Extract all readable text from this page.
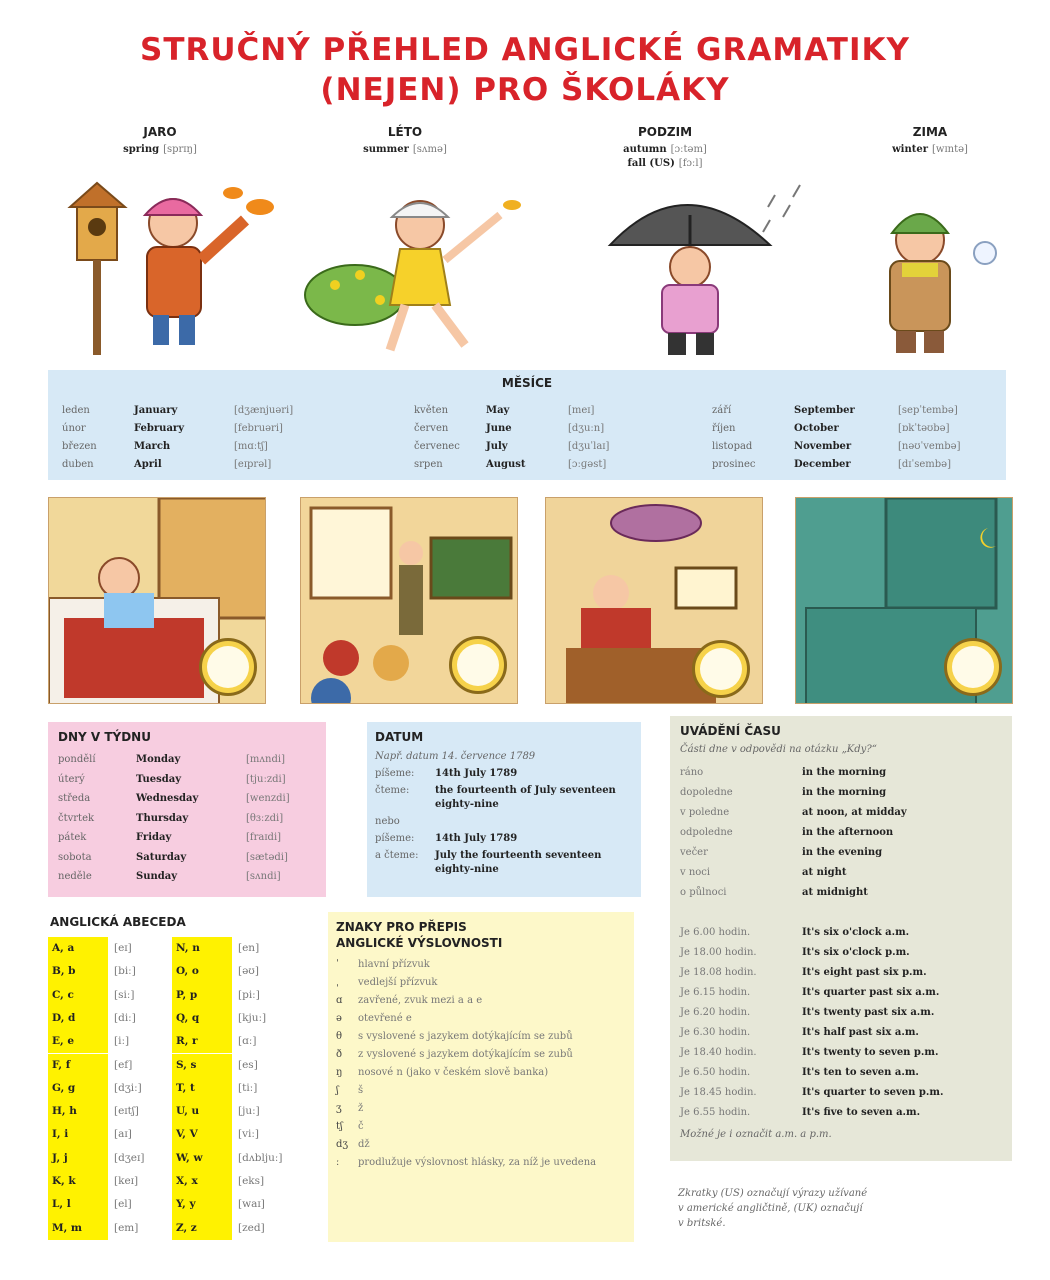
STRUČNÝ PŘEHLED ANGLICKÉ GRAMATIKY
(NEJEN) PRO ŠKOLÁKY
JARO
spring [sprɪŋ]
LÉTO
summer [sʌmə]
PODZIM
autumn [ɔːtəm]
fall (US) [fɔːl]
ZIMA
winter [wɪntə]
MĚSÍCE
leden	January	[dʒænjuəri]
únor	February	[februəri]
březen	March	[mɑːtʃ]
duben	April	[eɪprəl]
květen	May	[meɪ]
červen	June	[dʒuːn]
červenec	July	[dʒuˈlaɪ]
srpen	August	[ɔːɡəst]
září	September	[sepˈtembə]
říjen	October	[ɒkˈtəʊbə]
listopad	November	[nəʊˈvembə]
prosinec	December	[dɪˈsembə]
DNY V TÝDNU
pondělí	Monday	[mʌndi]
úterý	Tuesday	[tjuːzdi]
středa	Wednesday	[wenzdi]
čtvrtek	Thursday	[θɜːzdi]
pátek	Friday	[fraɪdi]
sobota	Saturday	[sætədi]
neděle	Sunday	[sʌndi]
DATUM
Např. datum 14. července 1789
píšeme: 14th July 1789
čteme:	the fourteenth of July seventeen eighty-nine
nebo
píšeme: 14th July 1789
a čteme: July the fourteenth seventeen eighty-nine
UVÁDĚNÍ ČASU
Části dne v odpovědi na otázku „Kdy?“
ráno	in the morning
dopoledne	in the morning
v poledne	at noon, at midday
odpoledne	in the afternoon
večer	in the evening
v noci	at night
o půlnoci	at midnight
Je 6.00 hodin.	It's six o'clock a.m.
Je 18.00 hodin.	It's six o'clock p.m.
Je 18.08 hodin.	It's eight past six p.m.
Je 6.15 hodin.	It's quarter past six a.m.
Je 6.20 hodin.	It's twenty past six a.m.
Je 6.30 hodin.	It's half past six a.m.
Je 18.40 hodin.	It's twenty to seven p.m.
Je 6.50 hodin.	It's ten to seven a.m.
Je 18.45 hodin.	It's quarter to seven p.m.
Je 6.55 hodin.	It's five to seven a.m.
Možné je i označit a.m. a p.m.
ANGLICKÁ ABECEDA
A, a	[eɪ]
B, b	[biː]
C, c	[siː]
D, d	[diː]
E, e	[iː]
F, f	[ef]
G, g	[dʒiː]
H, h	[eɪtʃ]
I, i	[aɪ]
J, j	[dʒeɪ]
K, k	[keɪ]
L, l	[el]
M, m	[em]
N, n	[en]
O, o	[əʊ]
P, p	[piː]
Q, q	[kjuː]
R, r	[ɑː]
S, s	[es]
T, t	[tiː]
U, u	[juː]
V, V	[viː]
W, w	[dʌbljuː]
X, x	[eks]
Y, y	[waɪ]
Z, z	[zed]
ZNAKY PRO PŘEPIS
ANGLICKÉ VÝSLOVNOSTI
ˈ	hlavní přízvuk
ˌ	vedlejší přízvuk
ɑ	zavřené, zvuk mezi a a e
ə	otevřené e
θ	s vyslovené s jazykem dotýkajícím se zubů
ð	z vyslovené s jazykem dotýkajícím se zubů
ŋ	nosové n (jako v českém slově banka)
ʃ	š
ʒ	ž
tʃ	č
dʒ dž
ː	prodlužuje výslovnost hlásky, za níž je uvedena
Zkratky (US) označují výrazy užívané
v americké angličtině, (UK) označují
v britské.
